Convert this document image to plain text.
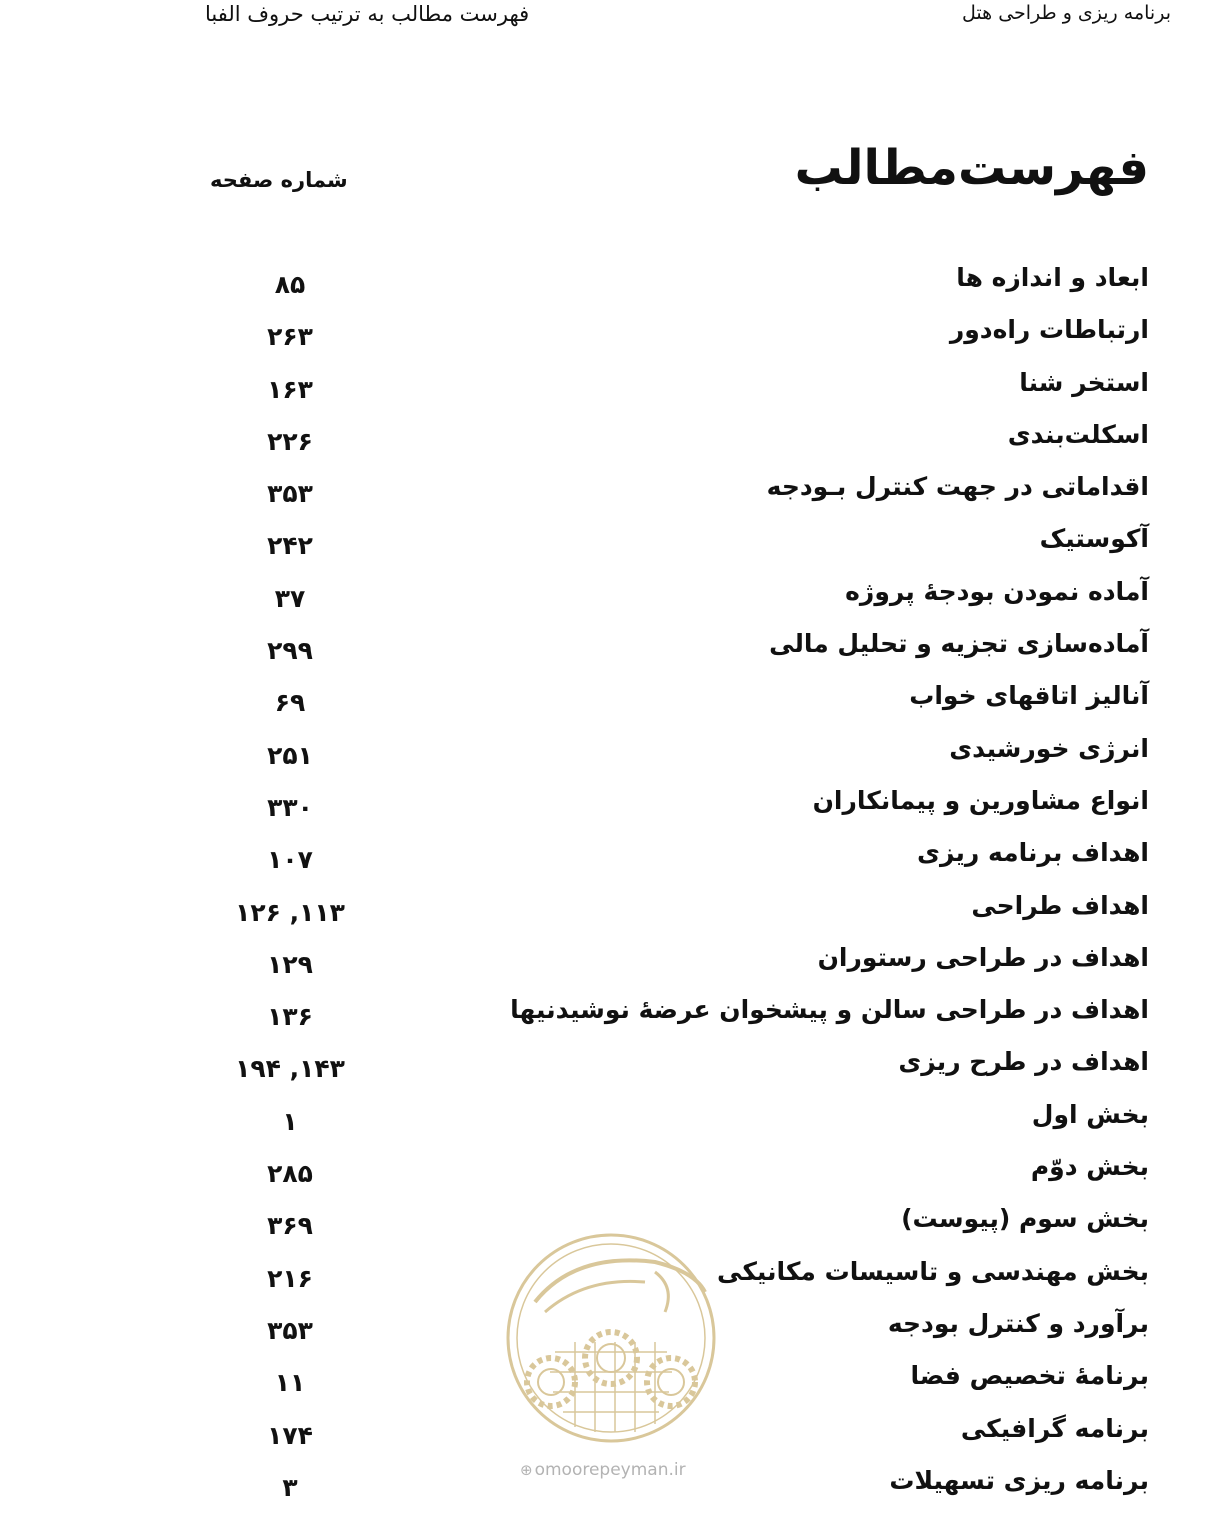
برنامه ریزی و طراحی هتل
فهرست مطالب به ترتیب حروف الفبا
فهرست‌مطالب
شماره صفحه
ابعاد و اندازه ها
۸۵
ارتباطات راه‌دور
۲۶۳
استخر شنا
۱۶۳
اسکلت‌بندی
۲۲۶
اقداماتی در جهت کنترل بـودجه
۳۵۳
آکوستیک
۲۴۲
آماده نمودن بودجهٔ پروژه
۳۷
آماده‌سازی تجزیه و تحلیل مالی
۲۹۹
آنالیز اتاقهای خواب
۶۹
انرژی خورشیدی
۲۵۱
انواع مشاورین و پیمانکاران
۳۳۰
اهداف برنامه ریزی
۱۰۷
اهداف طراحی
۱۱۳, ۱۲۶
اهداف در طراحی رستوران
۱۲۹
اهداف در طراحی سالن و پیشخوان عرضهٔ نوشیدنیها
۱۳۶
اهداف در طرح ریزی
۱۴۳, ۱۹۴
بخش اول
۱
بخش دوّم
۲۸۵
بخش سوم (پیوست)
۳۶۹
بخش مهندسی و تاسیسات مکانیکی
۲۱۶
برآورد و کنترل بودجه
۳۵۳
برنامهٔ تخصیص فضا
۱۱
برنامه گرافیکی
۱۷۴
برنامه ریزی تسهیلات
۳
⊕ omoorepeyman.ir
